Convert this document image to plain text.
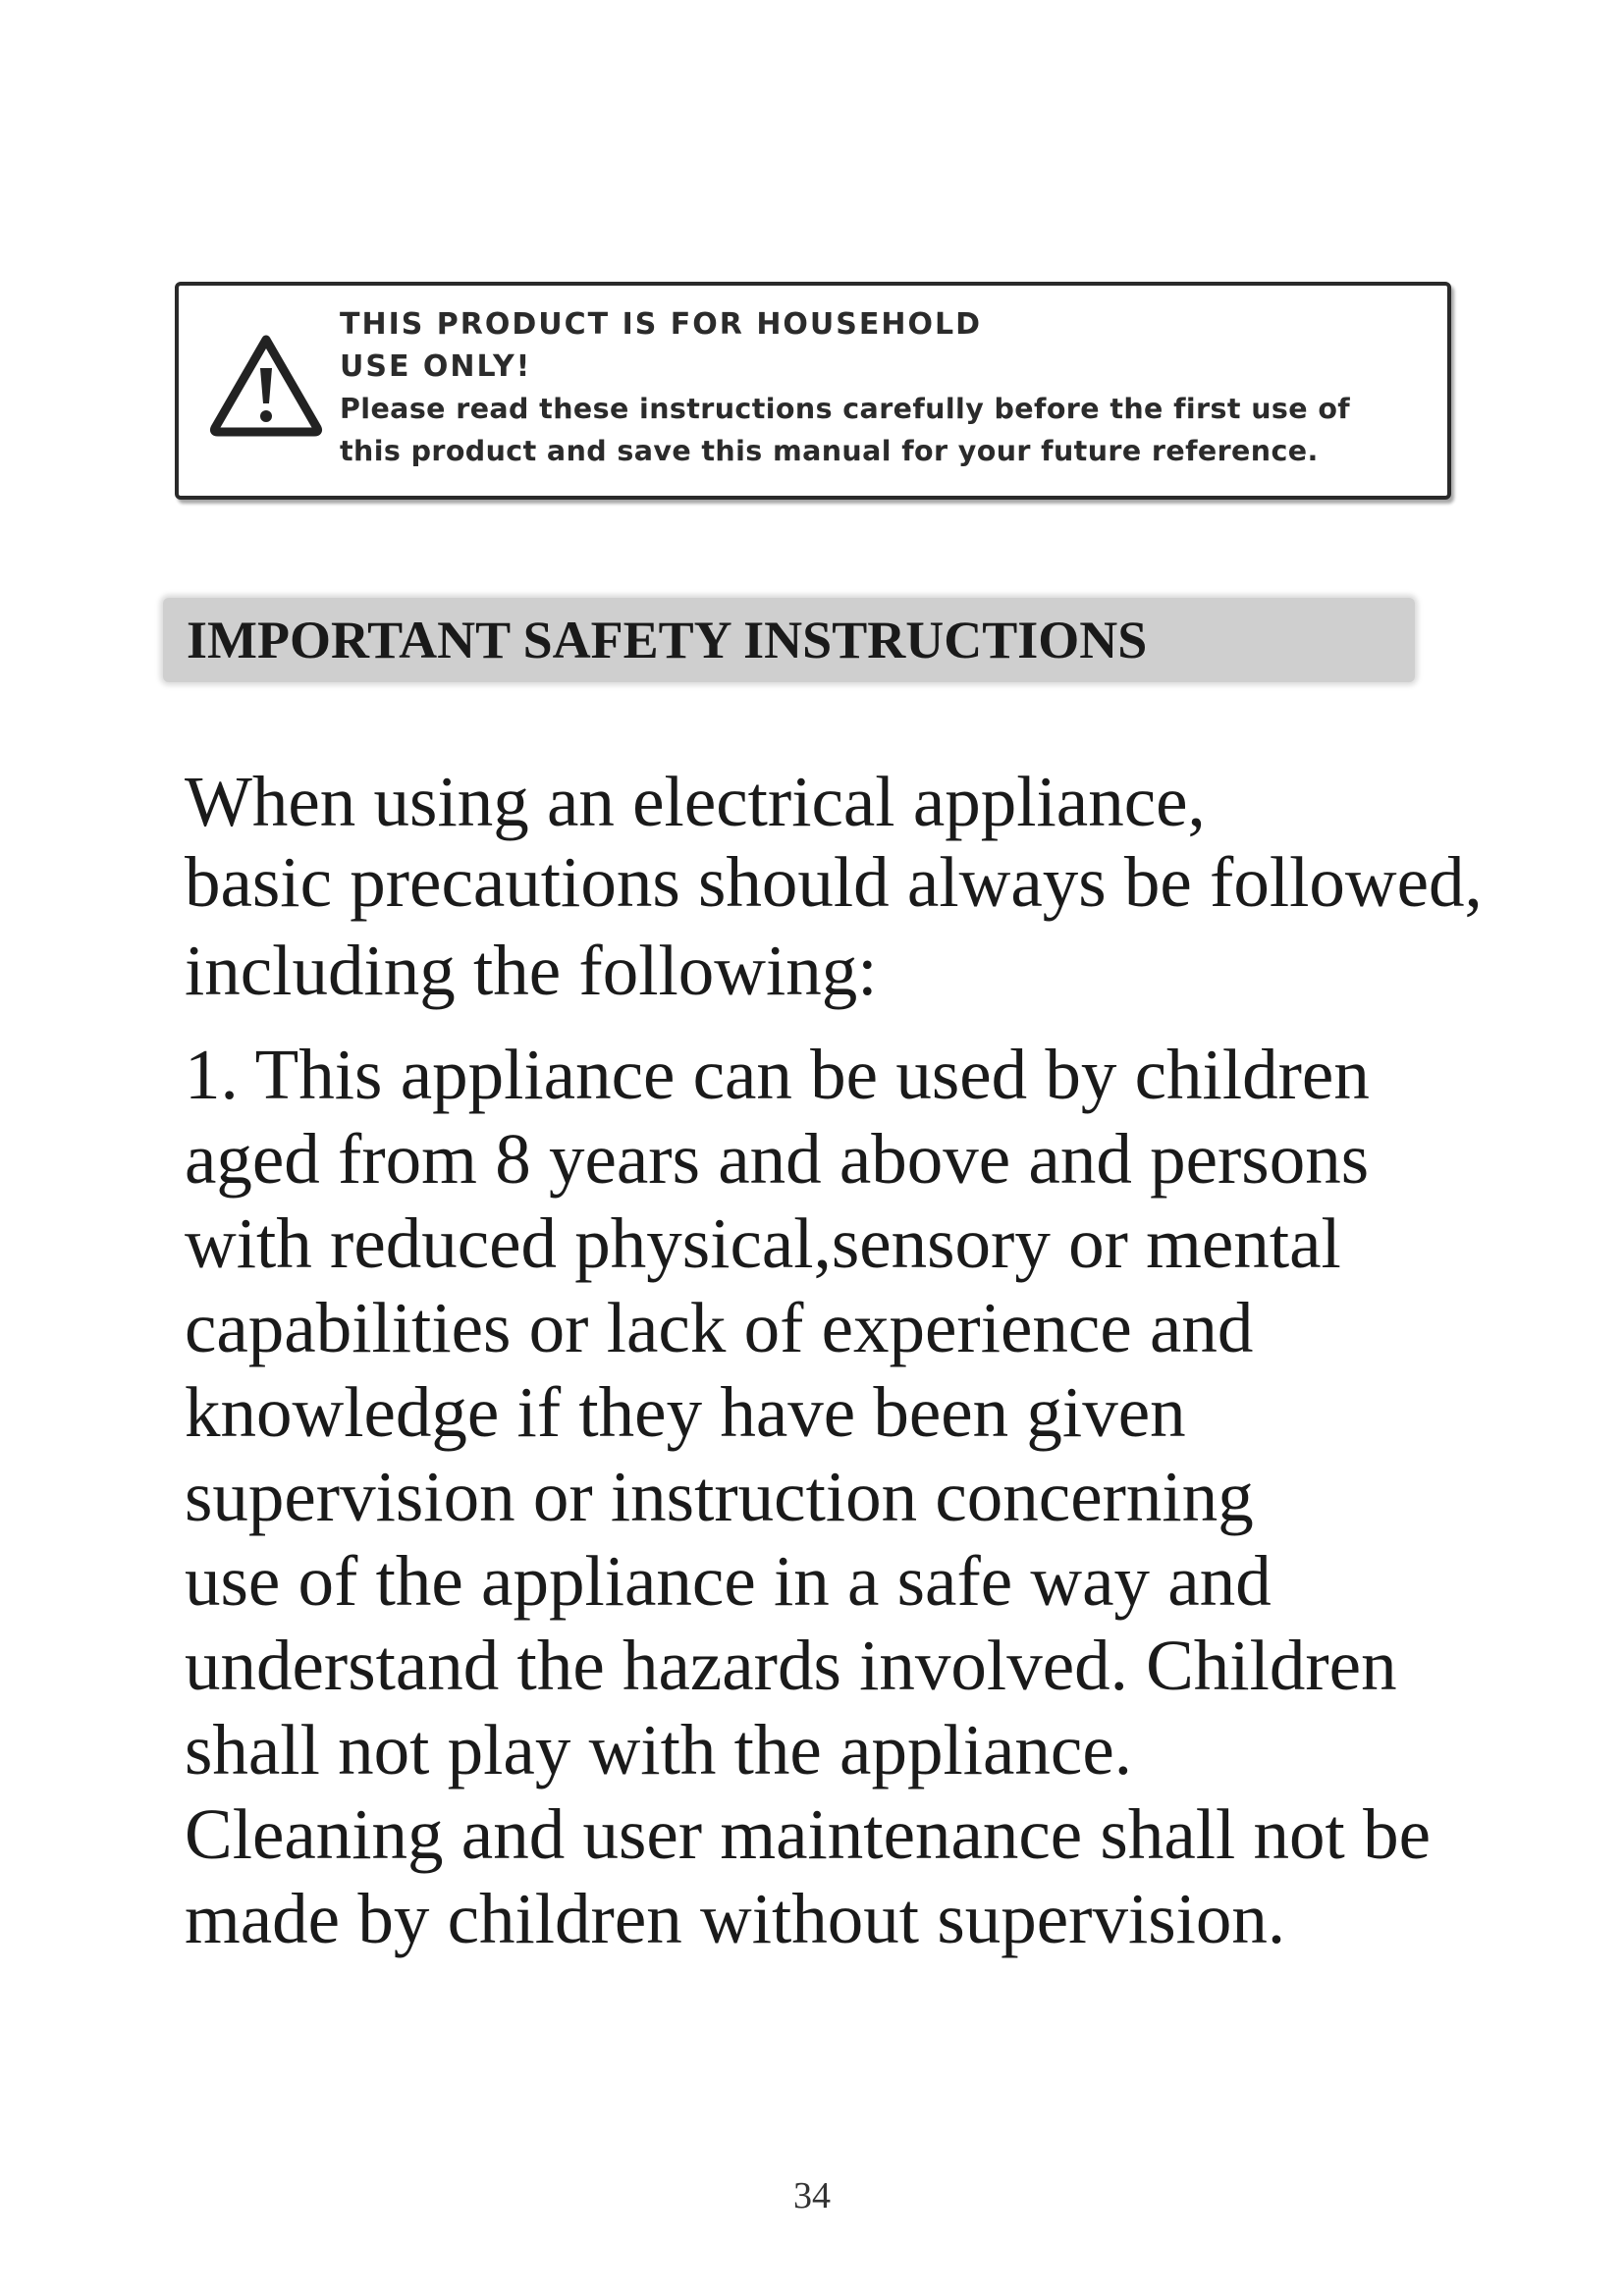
THIS PRODUCT IS FOR HOUSEHOLD
USE ONLY!
Please read these instructions carefully before the first use of
this product and save this manual for your future reference.
IMPORTANT SAFETY INSTRUCTIONS
When using an electrical appliance,
basic precautions should always be followed,
including the following:
1. This appliance can be used by children
aged from 8 years and above and persons
with reduced physical,sensory or mental
capabilities or lack of experience and
knowledge if they have been given
supervision or instruction concerning
use of the appliance in a safe way and
understand the hazards involved. Children
shall not play with the appliance.
Cleaning and user maintenance shall not be
made by children without supervision.
34
